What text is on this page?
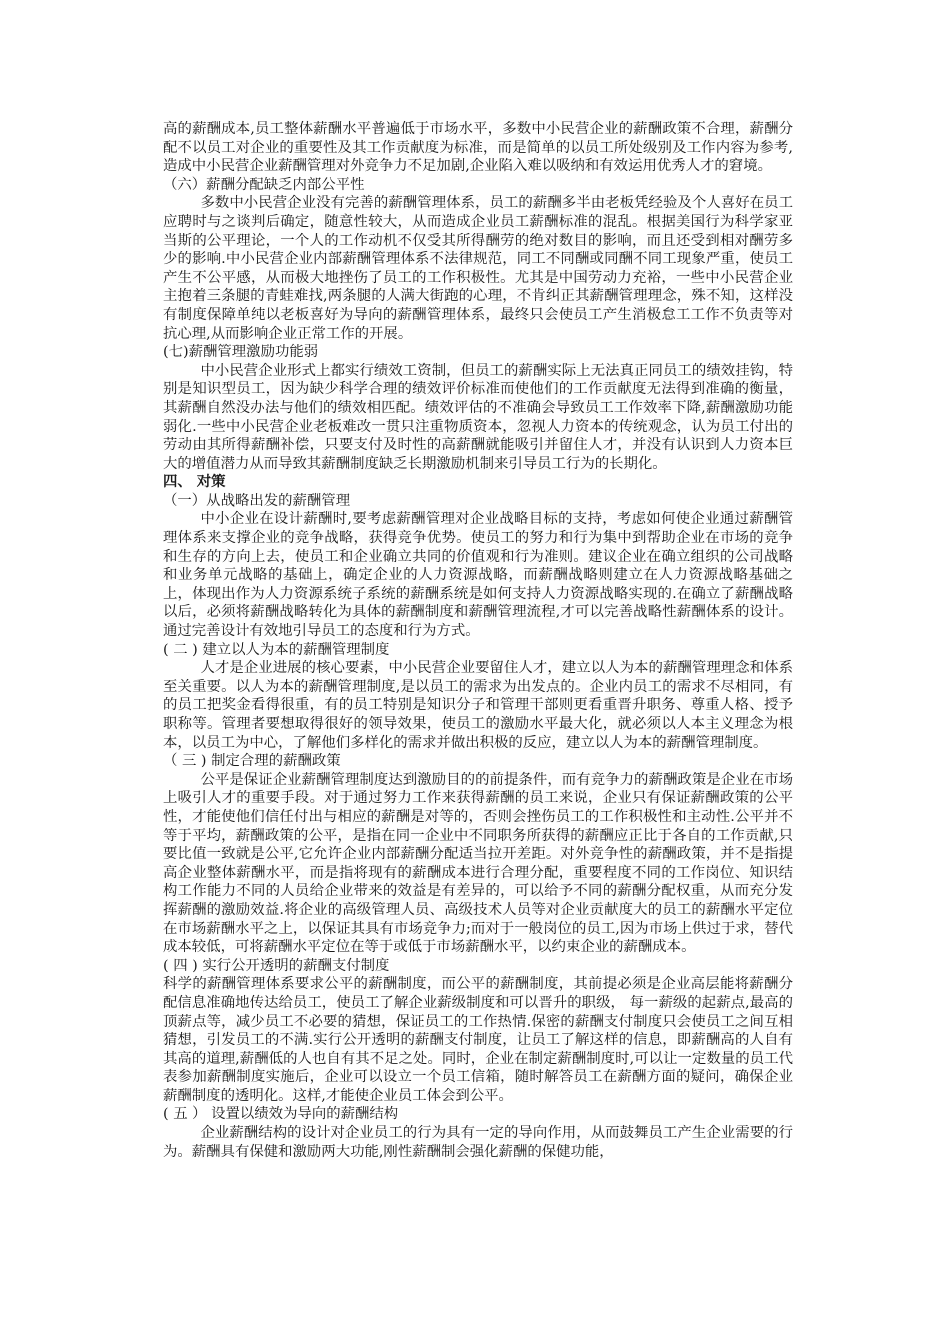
高的薪酬成本,员工整体薪酬水平普遍低于市场水平，多数中小民营企业的薪酬政策不合理，薪酬分配不以员工对企业的重要性及其工作贡献度为标准，而是简单的以员工所处级别及工作内容为参考,造成中小民营企业薪酬管理对外竞争力不足加剧,企业陷入难以吸纳和有效运用优秀人才的窘境。

（六）薪酬分配缺乏内部公平性

多数中小民营企业没有完善的薪酬管理体系，员工的薪酬多半由老板凭经验及个人喜好在员工应聘时与之谈判后确定，随意性较大，从而造成企业员工薪酬标准的混乱。根据美国行为科学家亚当斯的公平理论，一个人的工作动机不仅受其所得酬劳的绝对数目的影响，而且还受到相对酬劳多少的影响.中小民营企业内部薪酬管理体系不法律规范，同工不同酬或同酬不同工现象严重，使员工产生不公平感，从而极大地挫伤了员工的工作积极性。尤其是中国劳动力充裕，一些中小民营企业主抱着三条腿的青蛙难找,两条腿的人满大街跑的心理，不肯纠正其薪酬管理理念，殊不知，这样没有制度保障单纯以老板喜好为导向的薪酬管理体系，最终只会使员工产生消极怠工工作不负责等对抗心理,从而影响企业正常工作的开展。

(七)薪酬管理激励功能弱

中小民营企业形式上都实行绩效工资制，但员工的薪酬实际上无法真正同员工的绩效挂钩，特别是知识型员工，因为缺少科学合理的绩效评价标准而使他们的工作贡献度无法得到准确的衡量，其薪酬自然没办法与他们的绩效相匹配。绩效评估的不准确会导致员工工作效率下降,薪酬激励功能弱化.一些中小民营企业老板难改一贯只注重物质资本，忽视人力资本的传统观念，认为员工付出的劳动由其所得薪酬补偿，只要支付及时性的高薪酬就能吸引并留住人才，并没有认识到人力资本巨大的增值潜力从而导致其薪酬制度缺乏长期激励机制来引导员工行为的长期化。

四、 对策

（一）从战略出发的薪酬管理

中小企业在设计薪酬时,要考虑薪酬管理对企业战略目标的支持，考虑如何使企业通过薪酬管理体系来支撑企业的竞争战略，获得竞争优势。使员工的努力和行为集中到帮助企业在市场的竞争和生存的方向上去，使员工和企业确立共同的价值观和行为准则。建议企业在确立组织的公司战略和业务单元战略的基础上，确定企业的人力资源战略，而薪酬战略则建立在人力资源战略基础之上，体现出作为人力资源系统子系统的薪酬系统是如何支持人力资源战略实现的.在确立了薪酬战略以后，必须将薪酬战略转化为具体的薪酬制度和薪酬管理流程,才可以完善战略性薪酬体系的设计。通过完善设计有效地引导员工的态度和行为方式。

( 二 ) 建立以人为本的薪酬管理制度

人才是企业进展的核心要素，中小民营企业要留住人才，建立以人为本的薪酬管理理念和体系至关重要。以人为本的薪酬管理制度,是以员工的需求为出发点的。企业内员工的需求不尽相同，有的员工把奖金看得很重，有的员工特别是知识分子和管理干部则更看重晋升职务、尊重人格、授予职称等。管理者要想取得很好的领导效果，使员工的激励水平最大化，就必须以人本主义理念为根本，以员工为中心，了解他们多样化的需求并做出积极的反应，建立以人为本的薪酬管理制度。

（ 三 ) 制定合理的薪酬政策

公平是保证企业薪酬管理制度达到激励目的的前提条件，而有竞争力的薪酬政策是企业在市场上吸引人才的重要手段。对于通过努力工作来获得薪酬的员工来说，企业只有保证薪酬政策的公平性，才能使他们信任付出与相应的薪酬是对等的，否则会挫伤员工的工作积极性和主动性.公平并不等于平均，薪酬政策的公平，是指在同一企业中不同职务所获得的薪酬应正比于各自的工作贡献,只要比值一致就是公平,它允许企业内部薪酬分配适当拉开差距。对外竞争性的薪酬政策，并不是指提高企业整体薪酬水平，而是指将现有的薪酬成本进行合理分配，重要程度不同的工作岗位、知识结构工作能力不同的人员给企业带来的效益是有差异的，可以给予不同的薪酬分配权重，从而充分发挥薪酬的激励效益.将企业的高级管理人员、高级技术人员等对企业贡献度大的员工的薪酬水平定位在市场薪酬水平之上，以保证其具有市场竞争力;而对于一般岗位的员工,因为市场上供过于求，替代成本较低，可将薪酬水平定位在等于或低于市场薪酬水平，以约束企业的薪酬成本。

( 四 ) 实行公开透明的薪酬支付制度

科学的薪酬管理体系要求公平的薪酬制度，而公平的薪酬制度，其前提必须是企业高层能将薪酬分配信息准确地传达给员工，使员工了解企业薪级制度和可以晋升的职级， 每一薪级的起薪点,最高的顶薪点等，减少员工不必要的猜想，保证员工的工作热情.保密的薪酬支付制度只会使员工之间互相猜想，引发员工的不满.实行公开透明的薪酬支付制度，让员工了解这样的信息，即薪酬高的人自有其高的道理,薪酬低的人也自有其不足之处。同时，企业在制定薪酬制度时,可以让一定数量的员工代表参加薪酬制度实施后，企业可以设立一个员工信箱，随时解答员工在薪酬方面的疑问，确保企业薪酬制度的透明化。这样,才能使企业员工体会到公平。

( 五 ） 设置以绩效为导向的薪酬结构

企业薪酬结构的设计对企业员工的行为具有一定的导向作用，从而鼓舞员工产生企业需要的行为。薪酬具有保健和激励两大功能,刚性薪酬制会强化薪酬的保健功能，
